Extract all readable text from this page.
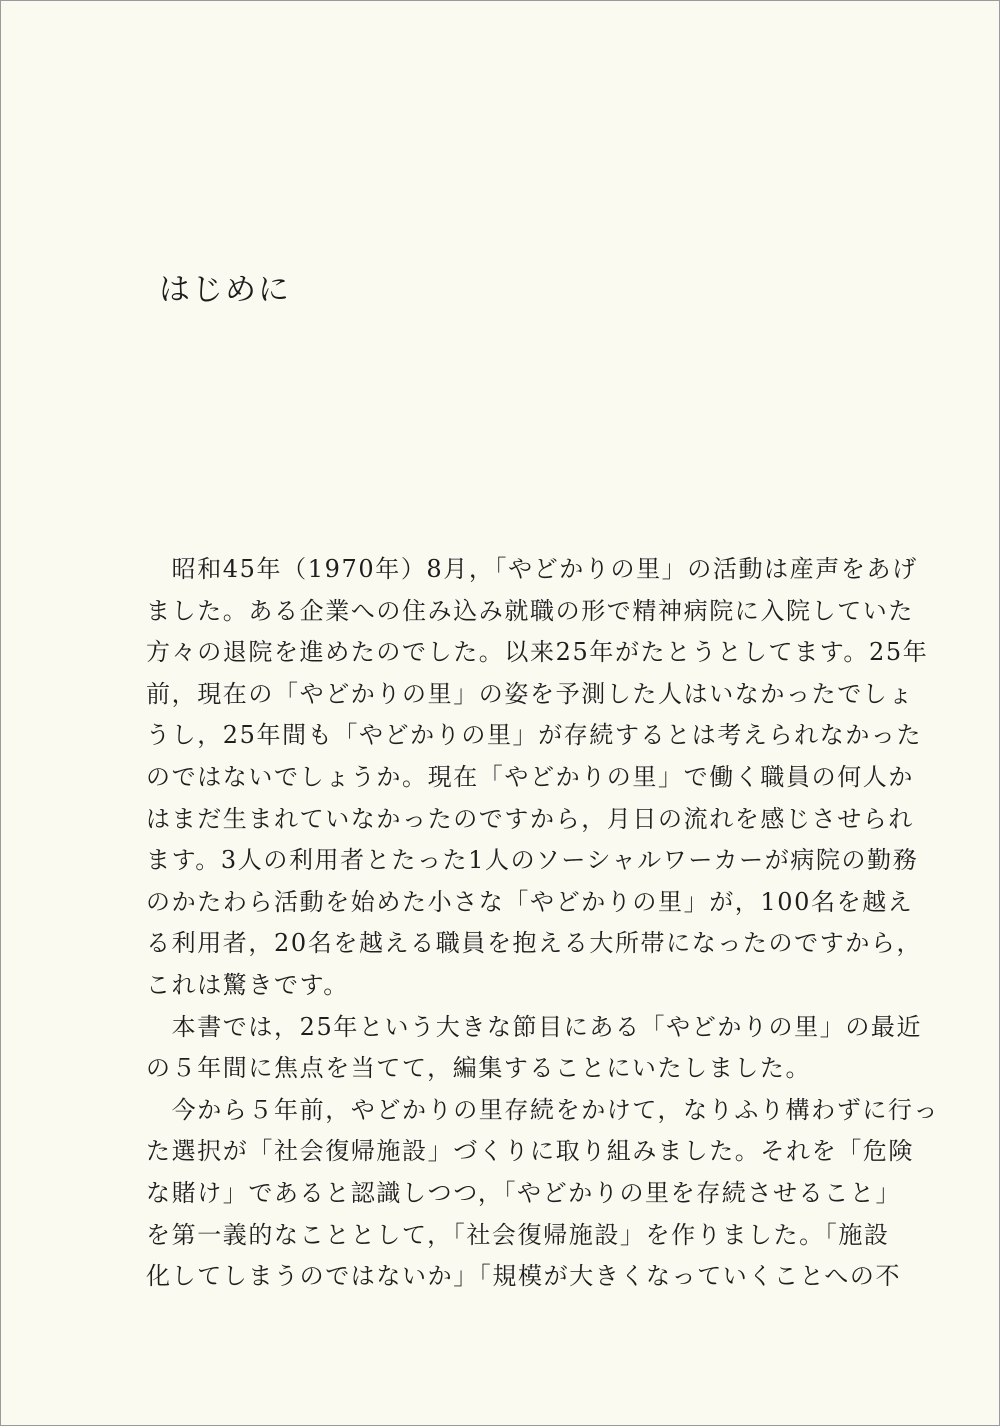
はじめに
　昭和45年（1970年）8月，「やどかりの里」の活動は産声をあげ
ました。ある企業への住み込み就職の形で精神病院に入院していた
方々の退院を進めたのでした。以来25年がたとうとしてます。25年
前，現在の「やどかりの里」の姿を予測した人はいなかったでしょ
うし，25年間も「やどかりの里」が存続するとは考えられなかった
のではないでしょうか。現在「やどかりの里」で働く職員の何人か
はまだ生まれていなかったのですから，月日の流れを感じさせられ
ます。3人の利用者とたった1人のソーシャルワーカーが病院の勤務
のかたわら活動を始めた小さな「やどかりの里」が，100名を越え
る利用者，20名を越える職員を抱える大所帯になったのですから，
これは驚きです。
　本書では，25年という大きな節目にある「やどかりの里」の最近
の５年間に焦点を当てて，編集することにいたしました。
　今から５年前，やどかりの里存続をかけて，なりふり構わずに行っ
た選択が「社会復帰施設」づくりに取り組みました。それを「危険
な賭け」であると認識しつつ，「やどかりの里を存続させること」
を第一義的なこととして，「社会復帰施設」を作りました。「施設
化してしまうのではないか」「規模が大きくなっていくことへの不
